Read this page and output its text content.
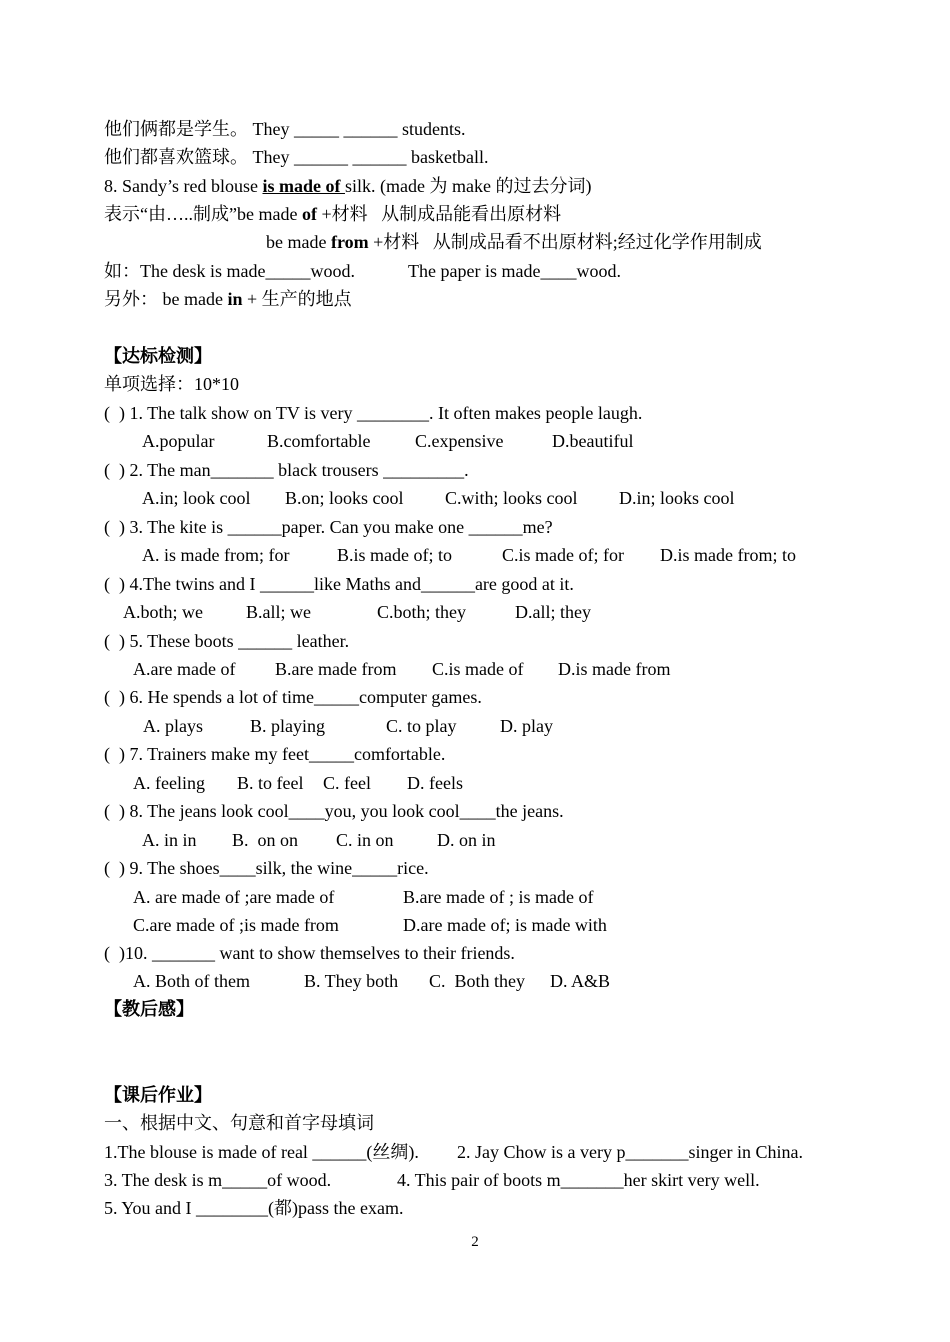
他们俩都是学生。 They _____ ______ students.
他们都喜欢篮球。 They ______ ______ basketball.
8. Sandy’s red blouse is made of silk. (made 为 make 的过去分词)
表示“由…..制成”be made of +材料   从制成品能看出原材料
be made from +材料   从制成品看不出原材料;经过化学作用制成
如：The desk is made_____wood.	The paper is made____wood.
另外： be made in + 生产的地点
【达标检测】
单项选择：10*10
(  ) 1. The talk show on TV is very ________. It often makes people laugh.
A.popular	B.comfortable C.expensive	D.beautiful
(  ) 2. The man_______ black trousers _________.
A.in; look cool B.on; looks cool C.with; looks cool D.in; looks cool
(  ) 3. The kite is ______paper. Can you make one ______me?
A. is made from; for	B.is made of; to	C.is made of; for D.is made from; to
(  ) 4.The twins and I ______like Maths and______are good at it.
A.both; we B.all; we	C.both; they	D.all; they
(  ) 5. These boots ______ leather.
A.are made of B.are made from C.is made of D.is made from
(  ) 6. He spends a lot of time_____computer games.
A. plays	B. playing	C. to play D. play
(  ) 7. Trainers make my feet_____comfortable.
A. feeling B. to feel C. feel D. feels
(  ) 8. The jeans look cool____you, you look cool____the jeans.
A. in in B.  on on C. in on D. on in
(  ) 9. The shoes____silk, the wine_____rice.
A. are made of ;are made of	B.are made of ; is made of
C.are made of ;is made from	D.are made of; is made with
(  )10. _______ want to show themselves to their friends.
A. Both of them	B. They both C.  Both they D. A&B
【教后感】
【课后作业】
一、根据中文、句意和首字母填词
1.The blouse is made of real ______(丝绸). 2. Jay Chow is a very p_______singer in China.
3. The desk is m_____of wood.	4. This pair of boots m_______her skirt very well.
5. You and I ________(都)pass the exam.
2
